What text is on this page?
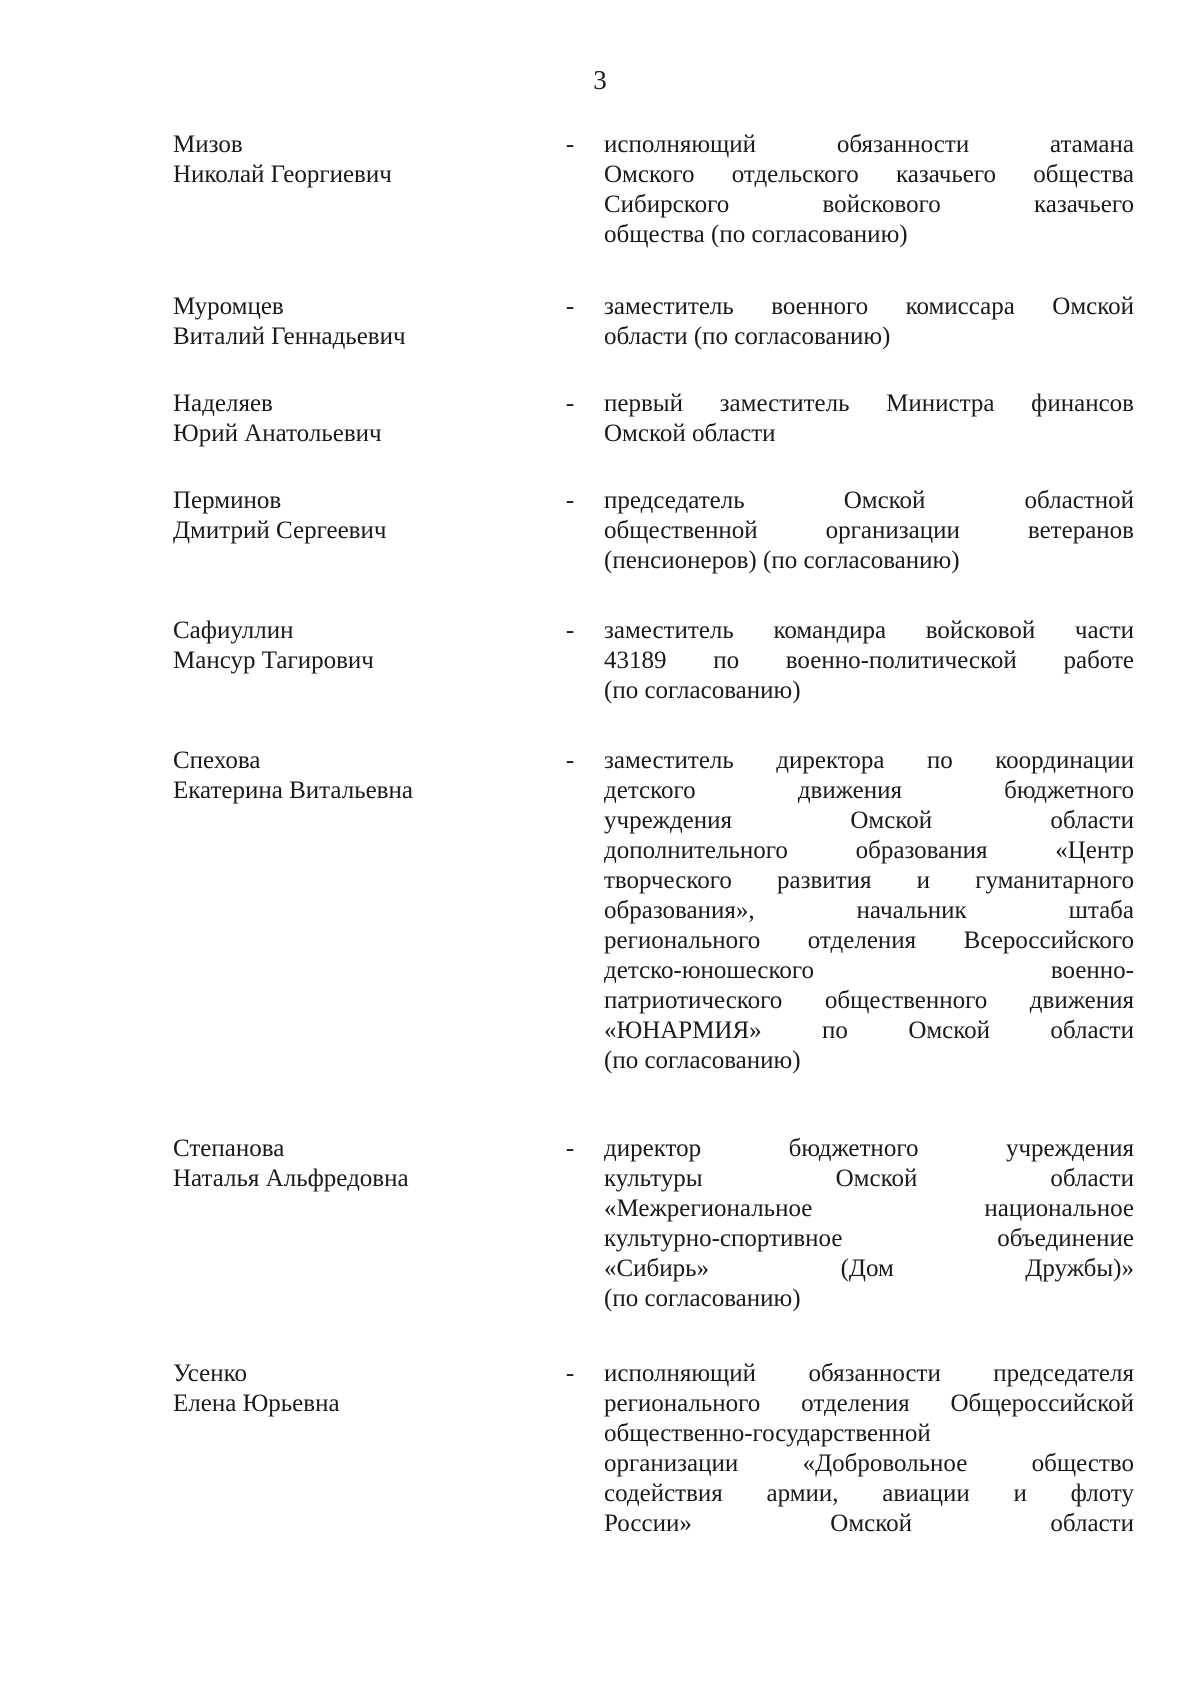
3
Мизов
Николай Георгиевич
- исполняющий	обязанности	атамана
Омского отдельского казачьего общества
Сибирского	войскового	казачьего
общества (по согласованию)
Муромцев
Виталий Геннадьевич
- заместитель военного комиссара Омской
области (по согласованию)
Наделяев
Юрий Анатольевич
- первый заместитель Министра финансов
Омской области
Перминов
Дмитрий Сергеевич
- председатель	Омской	областной
общественной	организации	ветеранов
(пенсионеров) (по согласованию)
Сафиуллин
Мансур Тагирович
- заместитель командира войсковой части
43189 по военно-политической работе
(по согласованию)
Спехова
Екатерина Витальевна
- заместитель директора по координации
детского	движения	бюджетного
учреждения	Омской	области
дополнительного	образования	«Центр
творческого развития и гуманитарного
образования»,	начальник	штаба
регионального отделения Всероссийского
детско-юношеского	военно-
патриотического общественного движения
«ЮНАРМИЯ» по Омской области
(по согласованию)
Степанова
Наталья Альфредовна
- директор	бюджетного	учреждения
культуры	Омской	области
«Межрегиональное	национальное
культурно-спортивное	объединение
«Сибирь»	(Дом	Дружбы)»
(по согласованию)
Усенко
Елена Юрьевна
- исполняющий обязанности председателя
регионального отделения Общероссийской
общественно-государственной
организации	«Добровольное	общество
содействия армии, авиации и флоту
России»	Омской	области
